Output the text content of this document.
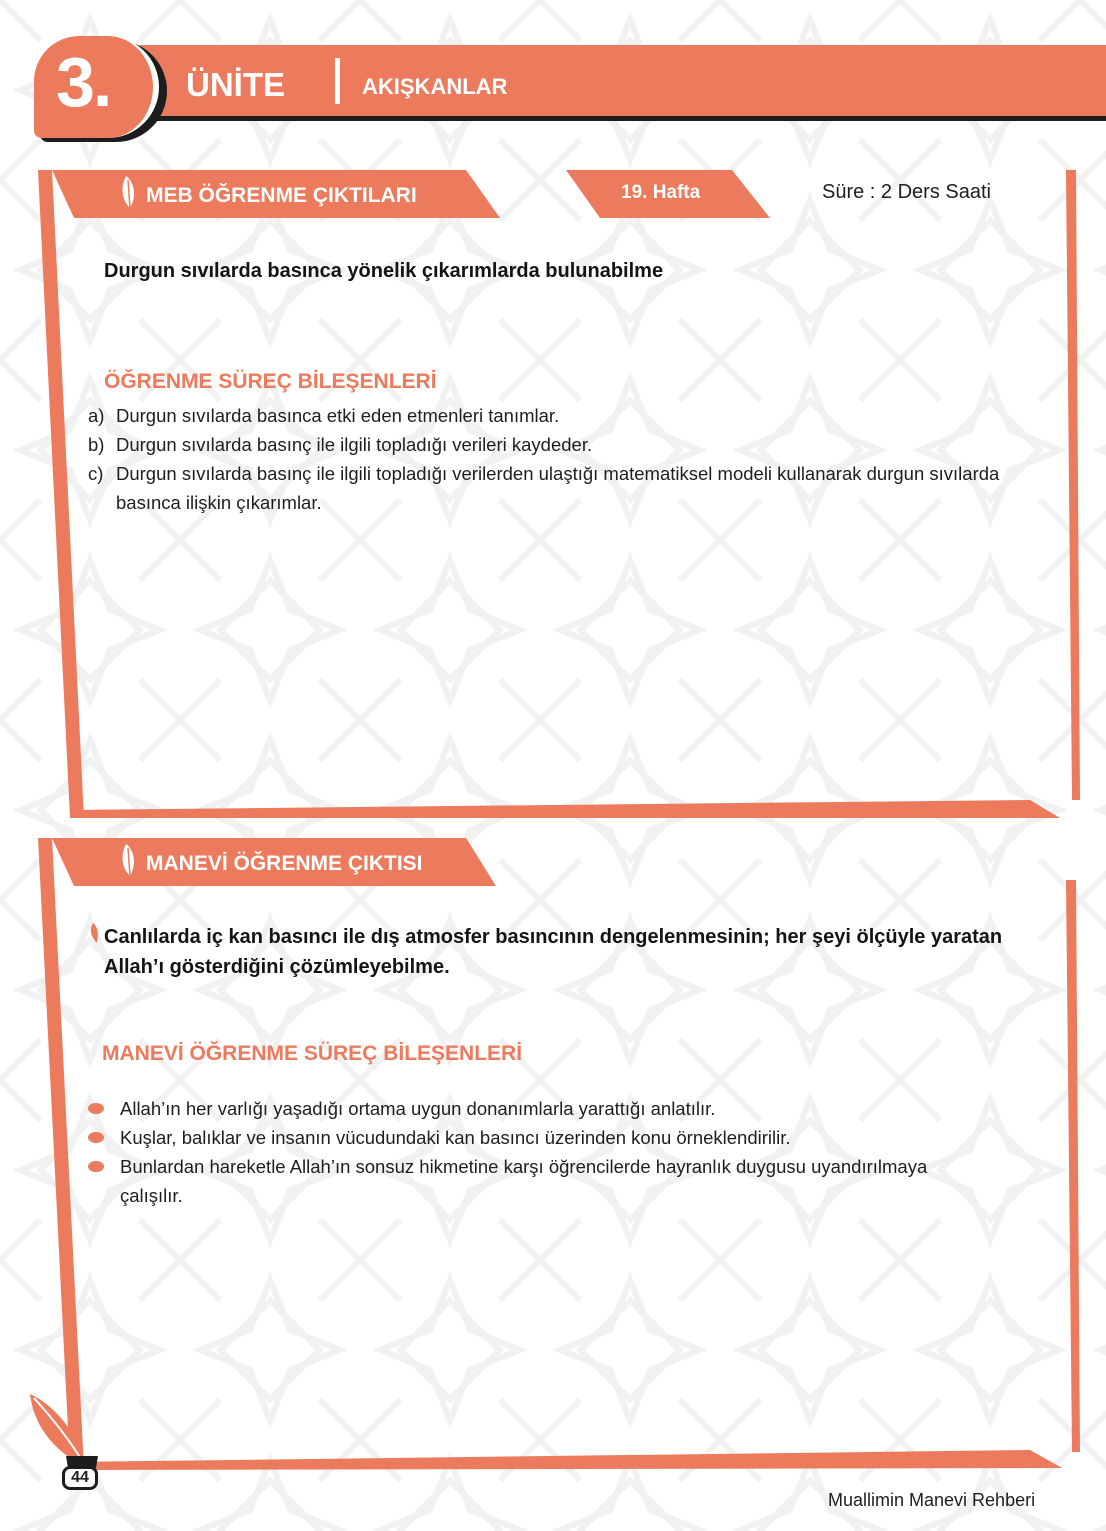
3. ÜNİTE	AKIŞKANLAR
MEB ÖĞRENME ÇIKTILARI	19. Hafta	Süre : 2 Ders Saati
Durgun sıvılarda basınca yönelik çıkarımlarda bulunabilme
ÖĞRENME SÜREÇ BİLEŞENLERİ
a) Durgun sıvılarda basınca etki eden etmenleri tanımlar.
b) Durgun sıvılarda basınç ile ilgili topladığı verileri kaydeder.
c) Durgun sıvılarda basınç ile ilgili topladığı verilerden ulaştığı matematiksel modeli kullanarak durgun sıvılarda basınca ilişkin çıkarımlar.
MANEVİ ÖĞRENME ÇIKTISI
Canlılarda iç kan basıncı ile dış atmosfer basıncının dengelenmesinin; her şeyi ölçüyle yaratan Allah’ı gösterdiğini çözümleyebilme.
MANEVİ ÖĞRENME SÜREÇ BİLEŞENLERİ
Allah’ın her varlığı yaşadığı ortama uygun donanımlarla yarattığı anlatılır.
Kuşlar, balıklar ve insanın vücudundaki kan basıncı üzerinden konu örneklendirilir.
Bunlardan hareketle Allah’ın sonsuz hikmetine karşı öğrencilerde hayranlık duygusu uyandırılmaya çalışılır.
44
Muallimin Manevi Rehberi
